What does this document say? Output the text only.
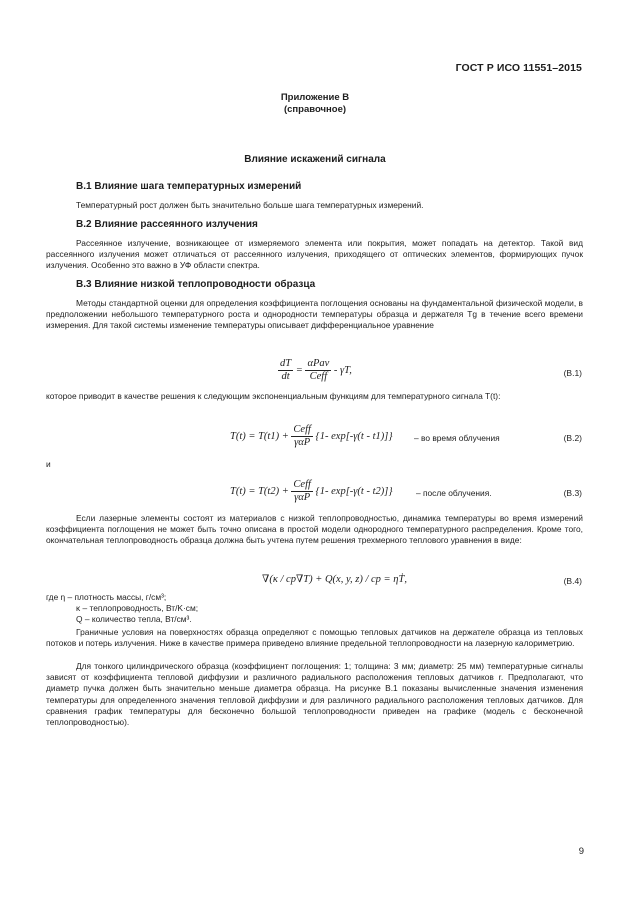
ГОСТ Р ИСО 11551–2015
Приложение В
(справочное)
Влияние искажений сигнала
В.1 Влияние шага температурных измерений
Температурный рост должен быть значительно больше шага температурных измерений.
В.2 Влияние рассеянного излучения
Рассеянное излучение, возникающее от измеряемого элемента или покрытия, может попадать на детектор. Такой вид рассеянного излучения может отличаться от рассеянного излучения, приходящего от оптических элементов, формирующих пучок излучения. Особенно это важно в УФ области спектра.
В.3 Влияние низкой теплопроводности образца
Методы стандартной оценки для определения коэффициента поглощения основаны на фундаментальной физической модели, в предположении небольшого температурного роста и однородности температуры образца и держателя Tg в течение всего времени измерения. Для такой системы изменение температуры описывает дифференциальное уравнение
$\frac{dT}{dt} = \frac{\text{αPav}}{\text{Ceff}} - \gamma T$,	(В.1)
которое приводит в качестве решения к следующим экспоненциальным функциям для температурного сигнала T(t):
$T(t) = T(t1) + \frac{\text{Ceff}}{\text{γαP}} \{1-$ exp[-γ(t - t1)]}	– во время облучения	(В.2)
и
$T(t) = T(t2) + \frac{\text{Ceff}}{\text{γαP}} \{1-$ exp[-γ(t - t2)]}	– после облучения.	(В.3)
Если лазерные элементы состоят из материалов с низкой теплопроводностью, динамика температуры во время измерений коэффициента поглощения не может быть точно описана в простой модели однородного температурного распределения. Кроме того, окончательная теплопроводность образца должна быть учтена путем решения трехмерного теплового уравнения в виде:
∇(κ / cp∇T) + Q(x, y, z) / cp = ηṪ,	(В.4)
где η – плотность массы, г/см³;
κ – теплопроводность, Вт/K·см;
Q – количество тепла, Вт/см³.
Граничные условия на поверхностях образца определяют с помощью тепловых датчиков на держателе образца из тепловых потоков и потерь излучения. Ниже в качестве примера приведено влияние предельной теплопроводности на лазерную калориметрию.
Для тонкого цилиндрического образца (коэффициент поглощения: 1; толщина: 3 мм; диаметр: 25 мм) температурные сигналы зависят от коэффициента тепловой диффузии и различного радиального расположения тепловых датчиков r. Предполагают, что диаметр пучка должен быть значительно меньше диаметра образца. На рисунке В.1 показаны вычисленные значения изменения температуры для определенного значения тепловой диффузии и для различного радиального расположения тепловых датчиков. Для сравнения график температуры для бесконечно большой теплопроводности приведен на графике (модель с бесконечной теплопроводностью).
9
